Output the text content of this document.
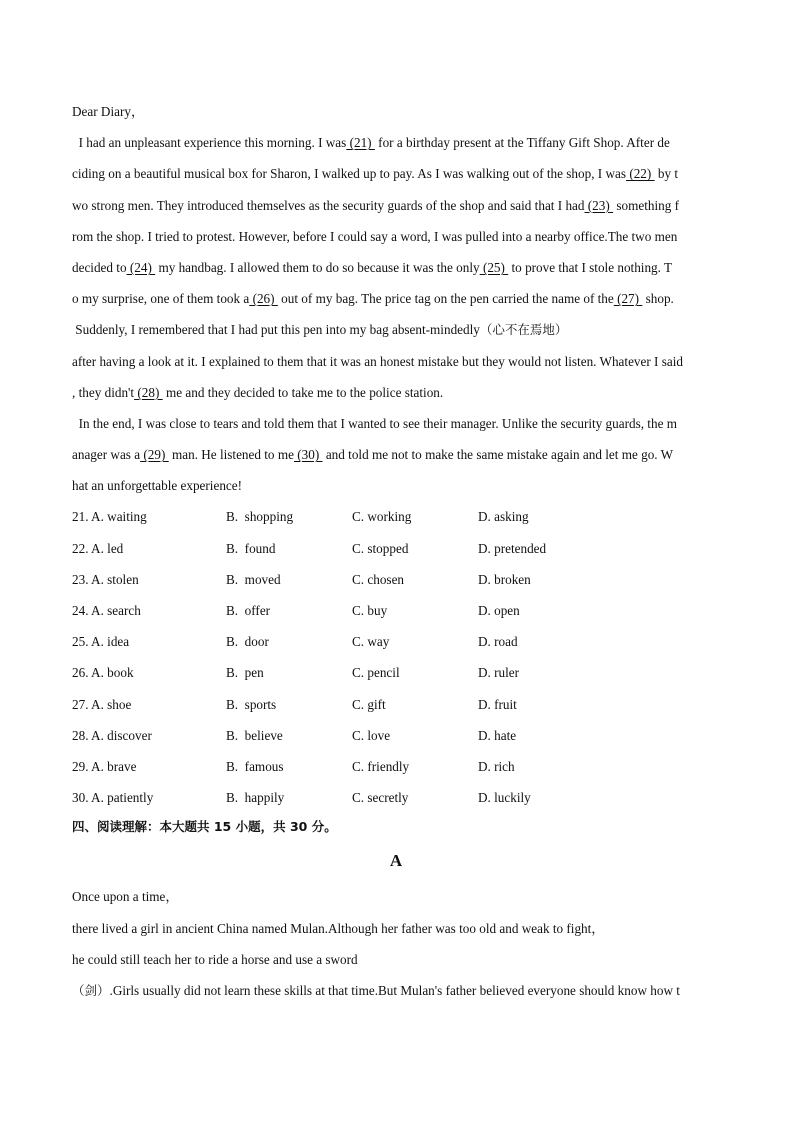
Dear Diary，
I had an unpleasant experience this morning. I was (21)  for a birthday present at the Tiffany Gift Shop. After de
ciding on a beautiful musical box for Sharon, I walked up to pay. As I was walking out of the shop, I was (22)  by t
wo strong men. They introduced themselves as the security guards of the shop and said that I had (23)  something f
rom the shop. I tried to protest. However, before I could say a word, I was pulled into a nearby office.The two men
decided to (24)  my handbag. I allowed them to do so because it was the only (25)  to prove that I stole nothing. T
o my surprise, one of them took a (26)  out of my bag. The price tag on the pen carried the name of the (27)  shop.
Suddenly, I remembered that I had put this pen into my bag absent-mindedly（心不在焉地）
after having a look at it. I explained to them that it was an honest mistake but they would not listen. Whatever I said
, they didn't (28)  me and they decided to take me to the police station.
In the end, I was close to tears and told them that I wanted to see their manager. Unlike the security guards, the m
anager was a (29)  man. He listened to me (30)  and told me not to make the same mistake again and let me go. W
hat an unforgettable experience!
21. A. waiting	B.  shopping	C. working	D. asking
22. A. led	B.  found	C. stopped	D. pretended
23. A. stolen	B.  moved	C. chosen	D. broken
24. A. search	B.  offer	C. buy	D. open
25. A. idea	B.  door	C. way	D. road
26. A. book	B.  pen	C. pencil	D. ruler
27. A. shoe	B.  sports	C. gift	D. fruit
28. A. discover	B.  believe	C. love	D. hate
29. A. brave	B.  famous	C. friendly	D. rich
30. A. patiently	B.  happily	C. secretly	D. luckily
四、阅读理解：本大题共 15 小题，共 30 分。
A
Once upon a time，
there lived a girl in ancient China named Mulan.Although her father was too old and weak to fight，
he could still teach her to ride a horse and use a sword
（剑）.Girls usually did not learn these skills at that time.But Mulan's father believed everyone should know how t
